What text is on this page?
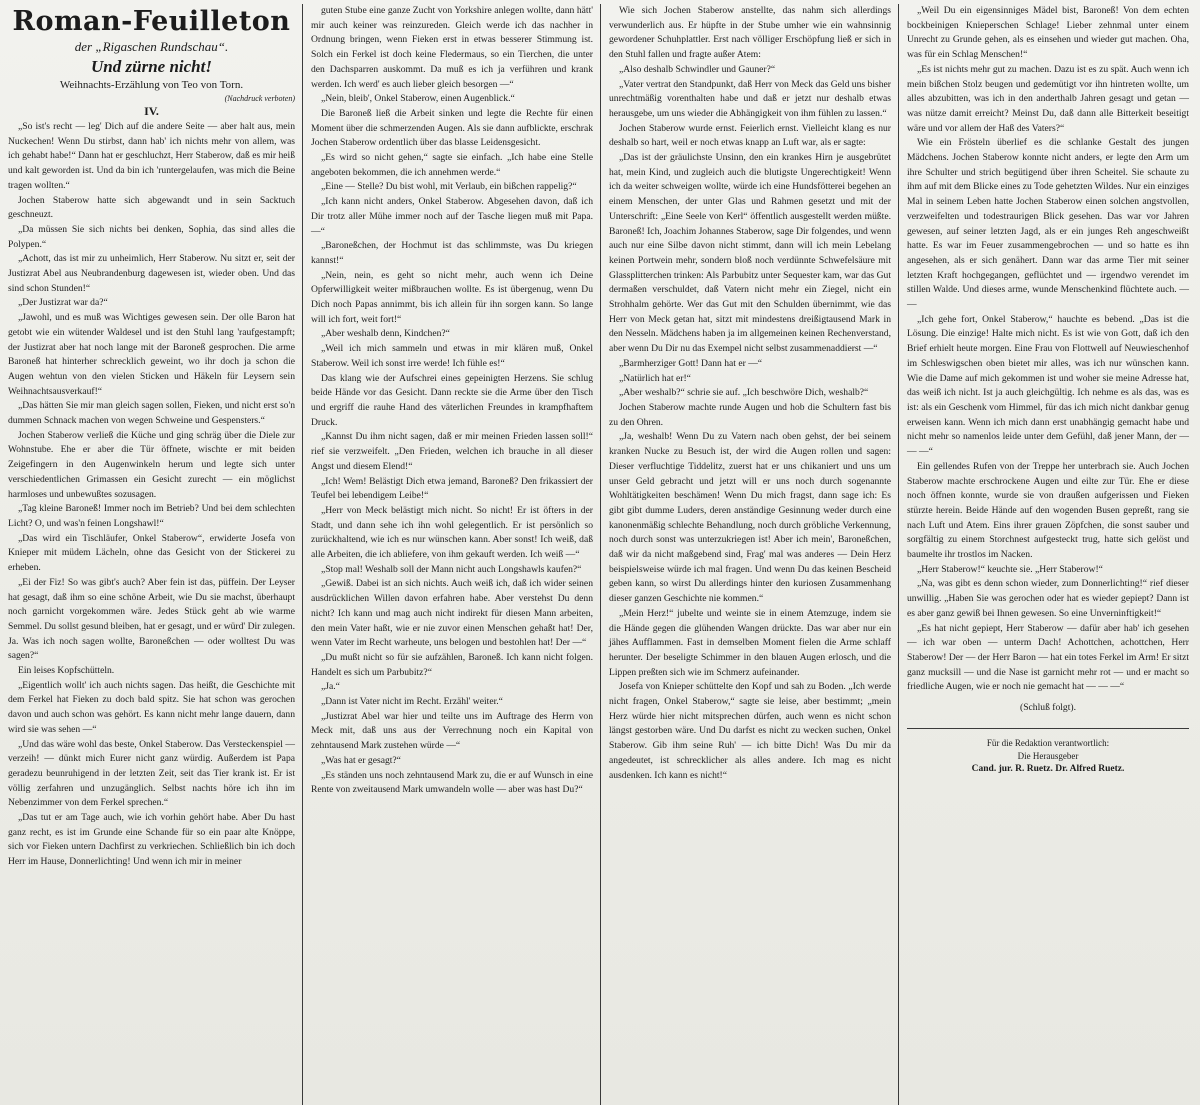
Roman-Feuilleton
der „Rigaschen Rundschau“.
Und zürne nicht!
Weihnachts-Erzählung von Teo von Torn.
(Nachdruck verboten)
IV.

„So ist's recht — leg' Dich auf die andere Seite — aber halt aus, mein Nuckechen! Wenn Du stirbst, dann hab' ich nichts mehr von allem, was ich gehabt habe!“ Dann hat er geschluchzt, Herr Staberow, daß es mir heiß und kalt geworden ist. Und da bin ich 'runtergelaufen, was mich die Beine tragen wollten.“

Jochen Staberow hatte sich abgewandt und in sein Sacktuch geschneuzt.

„Da müssen Sie sich nichts bei denken, Sophia, das sind alles die Polypen.“

„Achott, das ist mir zu unheimlich, Herr Staberow. Nu sitzt er, seit der Justizrat Abel aus Neubrandenburg dagewesen ist, wieder oben. Und das sind schon Stunden!“

„Der Justizrat war da?“

„Jawohl, und es muß was Wichtiges gewesen sein. Der olle Baron hat getobt wie ein wütender Waldesel und ist den Stuhl lang 'raufgestampft; der Justizrat aber hat noch lange mit der Baroneß gesprochen. Die arme Baroneß hat hinterher schrecklich geweint, wo ihr doch ja schon die Augen wehtun von den vielen Sticken und Häkeln für Leysern sein Weihnachtsausverkauf!“

„Das hätten Sie mir man gleich sagen sollen, Fieken, und nicht erst so'n dummen Schnack machen von wegen Schweine und Gespensters.“

Jochen Staberow verließ die Küche und ging schräg über die Diele zur Wohnstube. Ehe er aber die Tür öffnete, wischte er mit beiden Zeigefingern in den Augenwinkeln herum und legte sich unter verschiedentlichen Grimassen ein Gesicht zurecht — ein möglichst harmloses und unbewußtes sozusagen.

„Tag kleine Baroneß! Immer noch im Betrieb? Und bei dem schlechten Licht? O, und was'n feinen Longshawl!“

„Das wird ein Tischläufer, Onkel Staberow“, erwiderte Josefa von Knieper mit müdem Lächeln, ohne das Gesicht von der Stickerei zu erheben.

„Ei der Fiz! So was gibt's auch? Aber fein ist das, püffein. Der Leyser hat gesagt, daß ihm so eine schöne Arbeit, wie Du sie machst, überhaupt noch garnicht vorgekommen wäre. Jedes Stück geht ab wie warme Semmel. Du sollst gesund bleiben, hat er gesagt, und er würd' Dir zulegen. Ja. Was ich noch sagen wollte, Baroneßchen — oder wolltest Du was sagen?“

Ein leises Kopfschütteln.

„Eigentlich wollt' ich auch nichts sagen. Das heißt, die Geschichte mit dem Ferkel hat Fieken zu doch bald spitz. Sie hat schon was gerochen davon und auch schon was gehört. Es kann nicht mehr lange dauern, dann wird sie was sehen —“

„Und das wäre wohl das beste, Onkel Staberow. Das Versteckenspiel — verzeih! — dünkt mich Eurer nicht ganz würdig. Außerdem ist Papa geradezu beunruhigend in der letzten Zeit, seit das Tier krank ist. Er ist völlig zerfahren und unzugänglich. Selbst nachts höre ich ihn im Nebenzimmer von dem Ferkel sprechen.“

„Das tut er am Tage auch, wie ich vorhin gehört habe. Aber Du hast ganz recht, es ist im Grunde eine Schande für so ein paar alte Knöppe, sich vor Fieken untern Dachfirst zu verkriechen. Schließlich bin ich doch Herr im Hause, Donnerlichting! Und wenn ich mir in meiner

guten Stube eine ganze Zucht von Yorkshire anlegen wollte, dann hätt' mir auch keiner was reinzureden. Gleich werde ich das nachher in Ordnung bringen, wenn Fieken erst in etwas besserer Stimmung ist. Solch ein Ferkel ist doch keine Fledermaus, so ein Tierchen, die unter den Dachsparren auskommt. Da muß es ich ja verführen und krank werden. Ich werd' es auch lieber gleich besorgen —“

„Nein, bleib', Onkel Staberow, einen Augenblick.“

Die Baroneß ließ die Arbeit sinken und legte die Rechte für einen Moment über die schmerzenden Augen. Als sie dann aufblickte, erschrak Jochen Staberow ordentlich über das blasse Leidensgesicht.

„Es wird so nicht gehen,“ sagte sie einfach. „Ich habe eine Stelle angeboten bekommen, die ich annehmen werde.“

„Eine — Stelle? Du bist wohl, mit Verlaub, ein bißchen rappelig?“

„Ich kann nicht anders, Onkel Staberow. Abgesehen davon, daß ich Dir trotz aller Mühe immer noch auf der Tasche liegen muß mit Papa. —“

„Baroneßchen, der Hochmut ist das schlimmste, was Du kriegen kannst!“

„Nein, nein, es geht so nicht mehr, auch wenn ich Deine Opferwilligkeit weiter mißbrauchen wollte. Es ist übergenug, wenn Du Dich noch Papas annimmt, bis ich allein für ihn sorgen kann. So lange will ich fort, weit fort!“

„Aber weshalb denn, Kindchen?“

„Weil ich mich sammeln und etwas in mir klären muß, Onkel Staberow. Weil ich sonst irre werde! Ich fühle es!“

Das klang wie der Aufschrei eines gepeinigten Herzens. Sie schlug beide Hände vor das Gesicht. Dann reckte sie die Arme über den Tisch und ergriff die rauhe Hand des väterlichen Freundes in krampfhaftem Druck.

„Kannst Du ihm nicht sagen, daß er mir meinen Frieden lassen soll!“ rief sie verzweifelt. „Den Frieden, welchen ich brauche in all dieser Angst und diesem Elend!“

„Ich! Wem! Belästigt Dich etwa jemand, Baroneß? Den frikassiert der Teufel bei lebendigem Leibe!“

„Herr von Meck belästigt mich nicht. So nicht! Er ist öfters in der Stadt, und dann sehe ich ihn wohl gelegentlich. Er ist persönlich so zurückhaltend, wie ich es nur wünschen kann. Aber sonst! Ich weiß, daß alle Arbeiten, die ich abliefere, von ihm gekauft werden. Ich weiß —“

„Stop mal! Weshalb soll der Mann nicht auch Longshawls kaufen?“

„Gewiß. Dabei ist an sich nichts. Auch weiß ich, daß ich wider seinen ausdrücklichen Willen davon erfahren habe. Aber verstehst Du denn nicht? Ich kann und mag auch nicht indirekt für diesen Mann arbeiten, den mein Vater haßt, wie er nie zuvor einen Menschen gehaßt hat! Der, wenn Vater im Recht warheute, uns belogen und bestohlen hat! Der —“

„Du mußt nicht so für sie aufzählen, Baroneß. Ich kann nicht folgen. Handelt es sich um Parbubitz?“

„Ja.“

„Dann ist Vater nicht im Recht. Erzähl' weiter.“

„Justizrat Abel war hier und teilte uns im Auftrage des Herrn von Meck mit, daß uns aus der Verrechnung noch ein Kapital von zehntausend Mark zustehen würde —“

„Was hat er gesagt?“

„Es ständen uns noch zehntausend Mark zu, die er auf Wunsch in eine Rente von zweitausend Mark umwandeln wolle — aber was hast Du?“

Wie sich Jochen Staberow anstellte, das nahm sich allerdings verwunderlich aus. Er hüpfte in der Stube umher wie ein wahnsinnig gewordener Schuhplattler. Erst nach völliger Erschöpfung ließ er sich in den Stuhl fallen und fragte außer Atem:

„Also deshalb Schwindler und Gauner?“

„Vater vertrat den Standpunkt, daß Herr von Meck das Geld uns bisher unrechtmäßig vorenthalten habe und daß er jetzt nur deshalb etwas herausgebe, um uns wieder die Abhängigkeit von ihm fühlen zu lassen.“

Jochen Staberow wurde ernst. Feierlich ernst. Vielleicht klang es nur deshalb so hart, weil er noch etwas knapp an Luft war, als er sagte:

„Das ist der gräulichste Unsinn, den ein krankes Hirn je ausgebrütet hat, mein Kind, und zugleich auch die blutigste Ungerechtigkeit! Wenn ich da weiter schweigen wollte, würde ich eine Hundsfötterei begehen an einem Menschen, der unter Glas und Rahmen gesetzt und mit der Unterschrift: „Eine Seele von Kerl“ öffentlich ausgestellt werden müßte. Baroneß! Ich, Joachim Johannes Staberow, sage Dir folgendes, und wenn auch nur eine Silbe davon nicht stimmt, dann will ich mein Lebelang keinen Portwein mehr, sondern bloß noch verdünnte Schwefelsäure mit Glassplitterchen trinken: Als Parbubitz unter Sequester kam, war das Gut dermaßen verschuldet, daß Vatern nicht mehr ein Ziegel, nicht ein Strohhalm gehörte. Wer das Gut mit den Schulden übernimmt, wie das Herr von Meck getan hat, sitzt mit mindestens dreißigtausend Mark in den Nesseln. Mädchens haben ja im allgemeinen keinen Rechenverstand, aber wenn Du Dir nu das Exempel nicht selbst zusammenaddierst —“

„Barmherziger Gott! Dann hat er —“

„Natürlich hat er!“

„Aber weshalb?“ schrie sie auf. „Ich beschwöre Dich, weshalb?“

Jochen Staberow machte runde Augen und hob die Schultern fast bis zu den Ohren.

„Ja, weshalb! Wenn Du zu Vatern nach oben gehst, der bei seinem kranken Nucke zu Besuch ist, der wird die Augen rollen und sagen: Dieser verfluchtige Tiddelitz, zuerst hat er uns chikaniert und uns um unser Geld gebracht und jetzt will er uns noch durch sogenannte Wohltätigkeiten beschämen! Wenn Du mich fragst, dann sage ich: Es gibt gibt dumme Luders, deren anständige Gesinnung weder durch eine kanonenmäßig schlechte Behandlung, noch durch gröbliche Verkennung, noch durch sonst was unterzukriegen ist! Aber ich mein', Baroneßchen, daß wir da nicht maßgebend sind, Frag' mal was anderes — Dein Herz beispielsweise würde ich mal fragen. Und wenn Du das keinen Bescheid geben kann, so wirst Du allerdings hinter den kuriosen Zusammenhang dieser ganzen Geschichte nie kommen.“

„Mein Herz!“ jubelte und weinte sie in einem Atemzuge, indem sie die Hände gegen die glühenden Wangen drückte. Das war aber nur ein jähes Aufflammen. Fast in demselben Moment fielen die Arme schlaff herunter. Der beseligte Schimmer in den blauen Augen erlosch, und die Lippen preßten sich wie im Schmerz aufeinander.

Josefa von Knieper schüttelte den Kopf und sah zu Boden. „Ich werde nicht fragen, Onkel Staberow,“ sagte sie leise, aber bestimmt; „mein Herz würde hier nicht mitsprechen dürfen, auch wenn es nicht schon längst gestorben wäre. Und Du darfst es nicht zu wecken suchen, Onkel Staberow. Gib ihm seine Ruh' — ich bitte Dich! Was Du mir da angedeutet, ist schrecklicher als alles andere. Ich mag es nicht ausdenken. Ich kann es nicht!“

„Weil Du ein eigensinniges Mädel bist, Baroneß! Von dem echten bockbeinigen Knieperschen Schlage! Lieber zehnmal unter einem Unrecht zu Grunde gehen, als es einsehen und wieder gut machen. Oha, was für ein Schlag Menschen!“

„Es ist nichts mehr gut zu machen. Dazu ist es zu spät. Auch wenn ich mein bißchen Stolz beugen und gedemütigt vor ihn hintreten wollte, um alles abzubitten, was ich in den anderthalb Jahren gesagt und getan — was nütze damit erreicht? Meinst Du, daß dann alle Bitterkeit beseitigt wäre und vor allem der Haß des Vaters?“

Wie ein Frösteln überlief es die schlanke Gestalt des jungen Mädchens. Jochen Staberow konnte nicht anders, er legte den Arm um ihre Schulter und strich begütigend über ihren Scheitel. Sie schaute zu ihm auf mit dem Blicke eines zu Tode gehetzten Wildes. Nur ein einziges Mal in seinem Leben hatte Jochen Staberow einen solchen angstvollen, verzweifelten und todestraurigen Blick gesehen. Das war vor Jahren gewesen, auf seiner letzten Jagd, als er ein junges Reh angeschweißt hatte. Es war im Feuer zusammengebrochen — und so hatte es ihn angesehen, als er sich genähert. Dann war das arme Tier mit seiner letzten Kraft hochgegangen, geflüchtet und — irgendwo verendet im stillen Walde. Und dieses arme, wunde Menschenkind flüchtete auch. — —

„Ich gehe fort, Onkel Staberow,“ hauchte es bebend. „Das ist die Lösung. Die einzige! Halte mich nicht. Es ist wie von Gott, daß ich den Brief erhielt heute morgen. Eine Frau von Flottwell auf Neuwieschenhof im Schleswigschen oben bietet mir alles, was ich nur wünschen kann. Wie die Dame auf mich gekommen ist und woher sie meine Adresse hat, das weiß ich nicht. Ist ja auch gleichgültig. Ich nehme es als das, was es ist: als ein Geschenk vom Himmel, für das ich mich nicht dankbar genug erweisen kann. Wenn ich mich dann erst unabhängig gemacht habe und nicht mehr so namenlos leide unter dem Gefühl, daß jener Mann, der — — —“

Ein gellendes Rufen von der Treppe her unterbrach sie. Auch Jochen Staberow machte erschrockene Augen und eilte zur Tür. Ehe er diese noch öffnen konnte, wurde sie von draußen aufgerissen und Fieken stürzte herein. Beide Hände auf den wogenden Busen gepreßt, rang sie nach Luft und Atem. Eins ihrer grauen Zöpfchen, die sonst sauber und sorgfältig zu einem Storchnest aufgesteckt trug, hatte sich gelöst und baumelte ihr trostlos im Nacken.

„Herr Staberow!“ keuchte sie. „Herr Staberow!“

„Na, was gibt es denn schon wieder, zum Donnerlichting!“ rief dieser unwillig. „Haben Sie was gerochen oder hat es wieder gepiept? Dann ist es aber ganz gewiß bei Ihnen gewesen. So eine Unverninftigkeit!“

„Es hat nicht gepiept, Herr Staberow — dafür aber hab' ich gesehen — ich war oben — unterm Dach! Achottchen, achottchen, Herr Staberow! Der — der Herr Baron — hat ein totes Ferkel im Arm! Er sitzt ganz mucksill — und die Nase ist garnicht mehr rot — und er macht so friedliche Augen, wie er noch nie gemacht hat — — —“

(Schluß folgt).

Für die Redaktion verantwortlich:
Die Herausgeber
Cand. jur. R. Ruetz. Dr. Alfred Ruetz.
